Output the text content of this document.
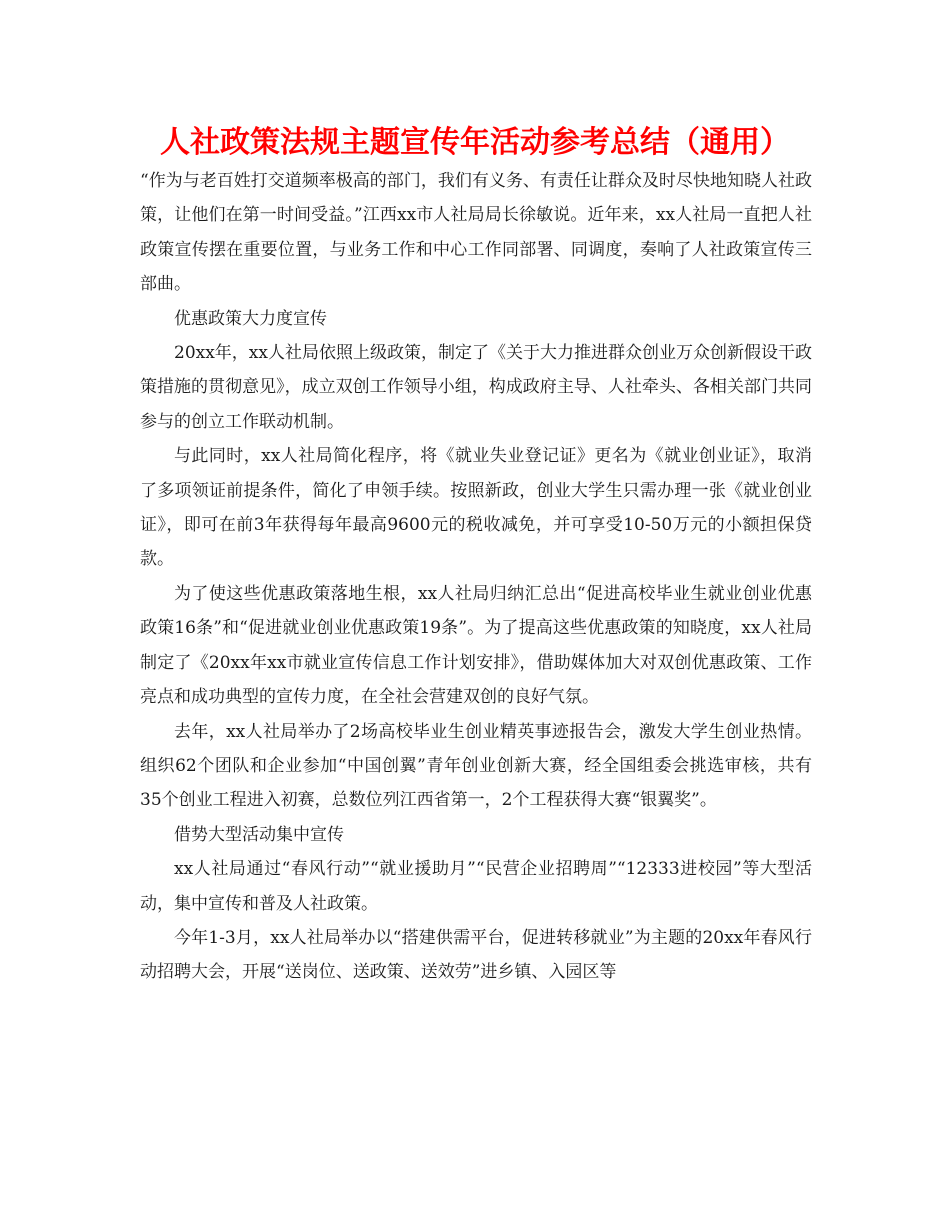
人社政策法规主题宣传年活动参考总结（通用）

“作为与老百姓打交道频率极高的部门，我们有义务、有责任让群众及时尽快地知晓人社政策，让他们在第一时间受益。”江西xx市人社局局长徐敏说。近年来，xx人社局一直把人社政策宣传摆在重要位置，与业务工作和中心工作同部署、同调度，奏响了人社政策宣传三部曲。

优惠政策大力度宣传

20xx年，xx人社局依照上级政策，制定了《关于大力推进群众创业万众创新假设干政策措施的贯彻意见》，成立双创工作领导小组，构成政府主导、人社牵头、各相关部门共同参与的创立工作联动机制。

与此同时，xx人社局简化程序，将《就业失业登记证》更名为《就业创业证》，取消了多项领证前提条件，简化了申领手续。按照新政，创业大学生只需办理一张《就业创业证》，即可在前3年获得每年最高9600元的税收减免，并可享受10-50万元的小额担保贷款。

为了使这些优惠政策落地生根，xx人社局归纳汇总出“促进高校毕业生就业创业优惠政策16条”和“促进就业创业优惠政策19条”。为了提高这些优惠政策的知晓度，xx人社局制定了《20xx年xx市就业宣传信息工作计划安排》，借助媒体加大对双创优惠政策、工作亮点和成功典型的宣传力度，在全社会营建双创的良好气氛。

去年，xx人社局举办了2场高校毕业生创业精英事迹报告会，激发大学生创业热情。组织62个团队和企业参加“中国创翼”青年创业创新大赛，经全国组委会挑选审核，共有35个创业工程进入初赛，总数位列江西省第一，2个工程获得大赛“银翼奖”。

借势大型活动集中宣传

xx人社局通过“春风行动”“就业援助月”“民营企业招聘周”“12333进校园”等大型活动，集中宣传和普及人社政策。

今年1-3月，xx人社局举办以“搭建供需平台，促进转移就业”为主题的20xx年春风行动招聘大会，开展“送岗位、送政策、送效劳”进乡镇、入园区等
